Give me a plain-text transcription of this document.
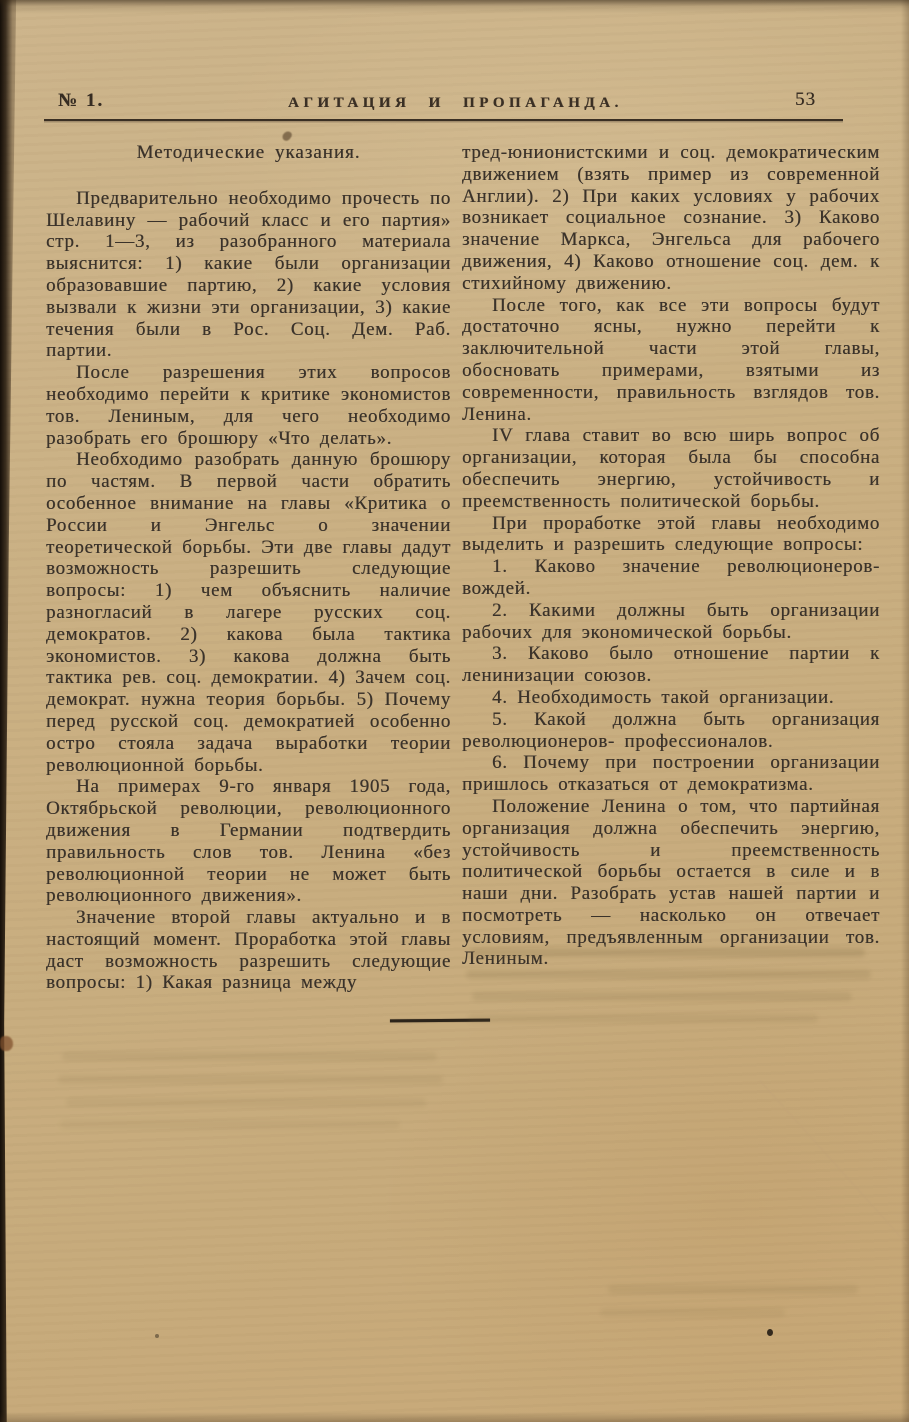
№ 1.	АГИТАЦИЯ И ПРОПАГАНДА.	53
Методические указания.

Предварительно необходимо прочесть по Шелавину — рабочий класс и его партия» стр. 1—3, из разобранного материала выяснится: 1) какие были организации образовавшие партию, 2) какие условия вызвали к жизни эти организации, 3) какие течения были в Рос. Соц. Дем. Раб. партии.

После разрешения этих вопросов необходимо перейти к критике экономистов тов. Лениным, для чего необходимо разобрать его брошюру «Что делать».

Необходимо разобрать данную брошюру по частям. В первой части обратить особенное внимание на главы «Критика о России и Энгельс о значении теоретической борьбы. Эти две главы дадут возможность разрешить следующие вопросы: 1) чем объяснить наличие разногласий в лагере русских соц. демократов. 2) какова была тактика экономистов. 3) какова должна быть тактика рев. соц. демократии. 4) Зачем соц. демократ. нужна теория борьбы. 5) Почему перед русской соц. демократией особенно остро стояла задача выработки теории революционной борьбы.

На примерах 9-го января 1905 года, Октябрьской революции, революционного движения в Германии подтвердить правильность слов тов. Ленина «без революционной теории не может быть революционного движения».

Значение второй главы актуально и в настоящий момент. Проработка этой главы даст возможность разрешить следующие вопросы: 1) Какая разница между

тред-юнионистскими и соц. демократическим движением (взять пример из современной Англии). 2) При каких условиях у рабочих возникает социальное сознание. 3) Каково значение Маркса, Энгельса для рабочего движения, 4) Каково отношение соц. дем. к стихийному движению.

После того, как все эти вопросы будут достаточно ясны, нужно перейти к заключительной части этой главы, обосновать примерами, взятыми из современности, правильность взглядов тов. Ленина.

IV глава ставит во всю ширь вопрос об организации, которая была бы способна обеспечить энергию, устойчивость и преемственность политической борьбы.

При проработке этой главы необходимо выделить и разрешить следующие вопросы:

1. Каково значение революционеров-вождей.

2. Какими должны быть организации рабочих для экономической борьбы.

3. Каково было отношение партии к ленинизации союзов.

4. Необходимость такой организации.

5. Какой должна быть организация революционеров- профессионалов.

6. Почему при построении организации пришлось отказаться от демократизма.

Положение Ленина о том, что партийная организация должна обеспечить энергию, устойчивость и преемственность политической борьбы остается в силе и в наши дни. Разобрать устав нашей партии и посмотреть — насколько он отвечает условиям, предъявленным организации тов. Лениным.
